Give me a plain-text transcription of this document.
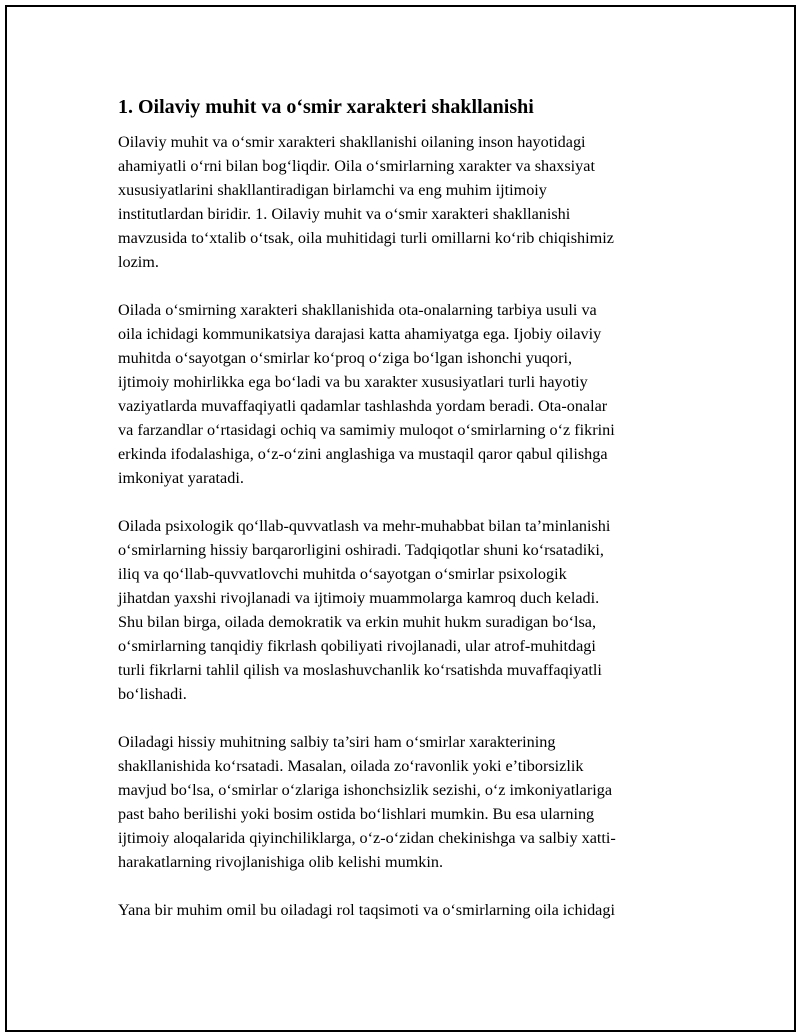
1. Oilaviy muhit va o‘smir xarakteri shakllanishi

Oilaviy muhit va o‘smir xarakteri shakllanishi oilaning inson hayotidagi
ahamiyatli o‘rni bilan bog‘liqdir. Oila o‘smirlarning xarakter va shaxsiyat
xususiyatlarini shakllantiradigan birlamchi va eng muhim ijtimoiy
institutlardan biridir. 1. Oilaviy muhit va o‘smir xarakteri shakllanishi
mavzusida to‘xtalib o‘tsak, oila muhitidagi turli omillarni ko‘rib chiqishimiz
lozim.

Oilada o‘smirning xarakteri shakllanishida ota-onalarning tarbiya usuli va
oila ichidagi kommunikatsiya darajasi katta ahamiyatga ega. Ijobiy oilaviy
muhitda o‘sayotgan o‘smirlar ko‘proq o‘ziga bo‘lgan ishonchi yuqori,
ijtimoiy mohirlikka ega bo‘ladi va bu xarakter xususiyatlari turli hayotiy
vaziyatlarda muvaffaqiyatli qadamlar tashlashda yordam beradi. Ota-onalar
va farzandlar o‘rtasidagi ochiq va samimiy muloqot o‘smirlarning o‘z fikrini
erkinda ifodalashiga, o‘z-o‘zini anglashiga va mustaqil qaror qabul qilishga
imkoniyat yaratadi.

Oilada psixologik qo‘llab-quvvatlash va mehr-muhabbat bilan ta’minlanishi
o‘smirlarning hissiy barqarorligini oshiradi. Tadqiqotlar shuni ko‘rsatadiki,
iliq va qo‘llab-quvvatlovchi muhitda o‘sayotgan o‘smirlar psixologik
jihatdan yaxshi rivojlanadi va ijtimoiy muammolarga kamroq duch keladi.
Shu bilan birga, oilada demokratik va erkin muhit hukm suradigan bo‘lsa,
o‘smirlarning tanqidiy fikrlash qobiliyati rivojlanadi, ular atrof-muhitdagi
turli fikrlarni tahlil qilish va moslashuvchanlik ko‘rsatishda muvaffaqiyatli
bo‘lishadi.

Oiladagi hissiy muhitning salbiy ta’siri ham o‘smirlar xarakterining
shakllanishida ko‘rsatadi. Masalan, oilada zo‘ravonlik yoki e’tiborsizlik
mavjud bo‘lsa, o‘smirlar o‘zlariga ishonchsizlik sezishi, o‘z imkoniyatlariga
past baho berilishi yoki bosim ostida bo‘lishlari mumkin. Bu esa ularning
ijtimoiy aloqalarida qiyinchiliklarga, o‘z-o‘zidan chekinishga va salbiy xatti-
harakatlarning rivojlanishiga olib kelishi mumkin.

Yana bir muhim omil bu oiladagi rol taqsimoti va o‘smirlarning oila ichidagi
